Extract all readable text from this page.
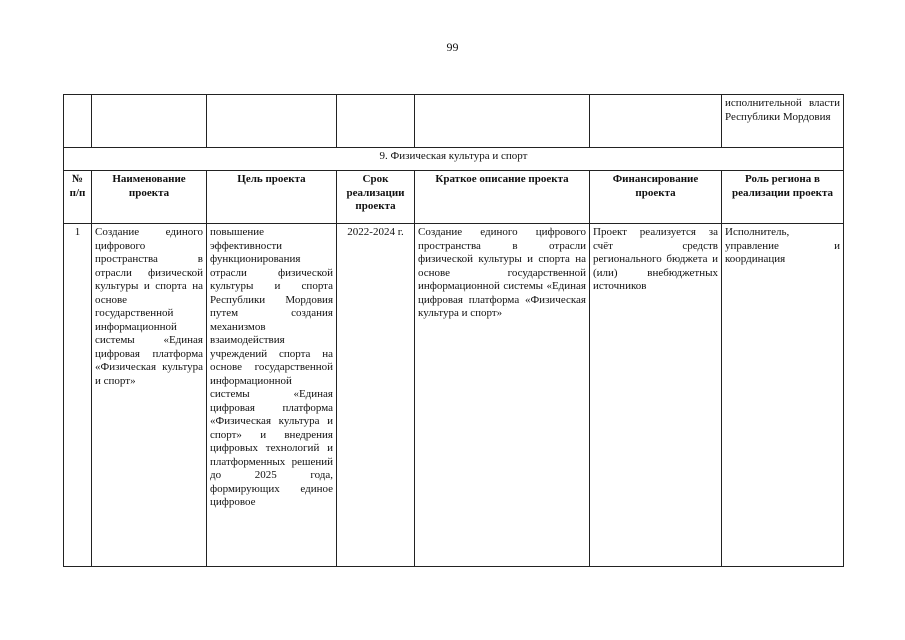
99
						исполнительной власти Республики Мордовия
9. Физическая культура и спорт						
№ п/п	Наименование проекта	Цель проекта	Срок реализации проекта	Краткое описание проекта	Финансирование проекта	Роль региона в реализации проекта
1	Создание единого цифрового пространства в отрасли физической культуры и спорта на основе государственной информационной системы «Единая цифровая платформа «Физическая культура и спорт»	повышение эффективности функционирования отрасли физической культуры и спорта Республики Мордовия путем создания механизмов взаимодействия учреждений спорта на основе государственной информационной системы «Единая цифровая платформа «Физическая культура и спорт» и внедрения цифровых технологий и платформенных решений до 2025 года, формирующих единое цифровое	2022-2024 г.	Создание единого цифрового пространства в отрасли физической культуры и спорта на основе государственной информационной системы «Единая цифровая платформа «Физическая культура и спорт»	Проект реализуется за счёт средств регионального бюджета и (или) внебюджетных источников	Исполнитель, управление и координация
